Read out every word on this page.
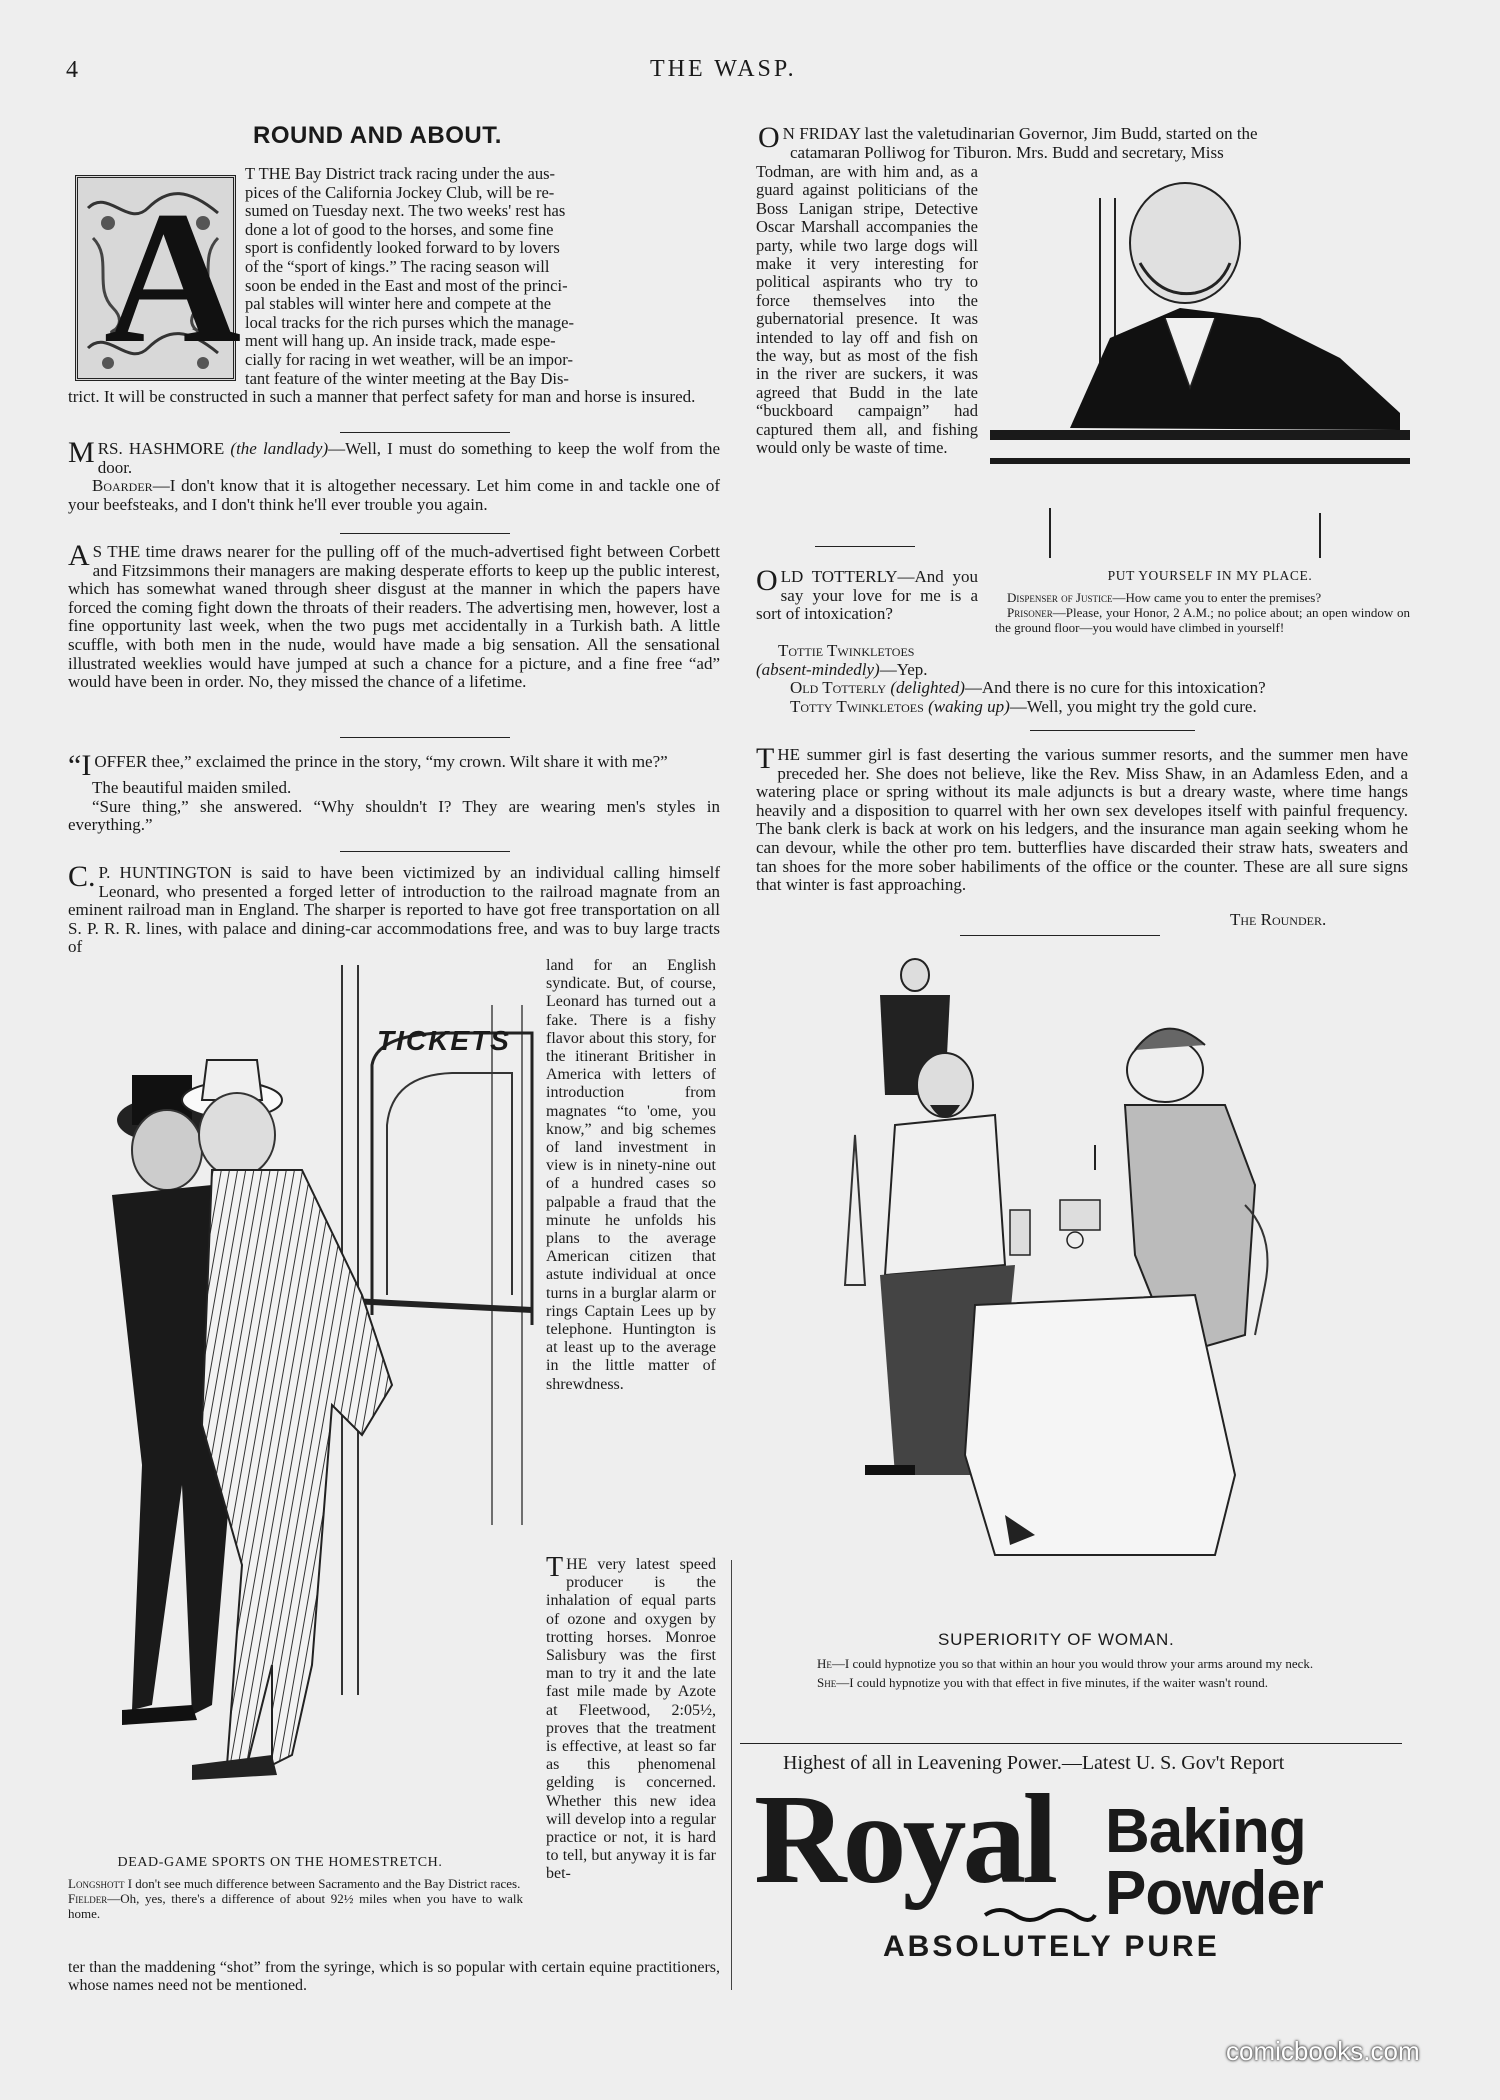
4	THE WASP.
ROUND AND ABOUT.
A T THE Bay District track racing under the aus-

pices of the California Jockey Club, will be re-

sumed on Tuesday next. The two weeks' rest has

done a lot of good to the horses, and some fine

sport is confidently looked forward to by lovers

of the “sport of kings.” The racing season will

soon be ended in the East and most of the princi-

pal stables will winter here and compete at the

local tracks for the rich purses which the manage-

ment will hang up. An inside track, made espe-

cially for racing in wet weather, will be an impor-

tant feature of the winter meeting at the Bay Dis-

trict. It will be constructed in such a manner that perfect safety for man and horse is insured.

MRS. HASHMORE (the landlady)—Well, I must do something to keep the wolf from the door.

Boarder—I don't know that it is altogether necessary. Let him come in and tackle one of your beefsteaks, and I don't think he'll ever trouble you again.

A S THE time draws nearer for the pulling off of the much-advertised fight between Corbett and Fitzsimmons their managers are making desperate efforts to keep up the public interest, which has somewhat waned through sheer disgust at the manner in which the papers have forced the coming fight down the throats of their readers. The advertising men, however, lost a fine opportunity last week, when the two pugs met accidentally in a Turkish bath. A little scuffle, with both men in the nude, would have made a big sensation. All the sensational illustrated weeklies would have jumped at such a chance for a picture, and a fine free “ad” would have been in order. No, they missed the chance of a lifetime.

“I OFFER thee,” exclaimed the prince in the story, “my crown. Wilt share it with me?”

The beautiful maiden smiled.

“Sure thing,” she answered. “Why shouldn't I? They are wearing men's styles in everything.”

C. P. HUNTINGTON is said to have been victimized by an individual calling himself Leonard, who presented a forged letter of introduction to the railroad magnate from an eminent railroad man in England. The sharper is reported to have got free transportation on all S. P. R. R. lines, with palace and dining-car accommodations free, and was to buy large tracts of

land for an English syndicate. But, of course, Leonard has turned out a fake. There is a fishy flavor about this story, for the itinerant Britisher in America with letters of introduction from magnates “to 'ome, you know,” and big schemes of land investment in view is in ninety-nine out of a hundred cases so palpable a fraud that the minute he unfolds his plans to the average American citizen that astute individual at once turns in a burglar alarm or rings Captain Lees up by telephone. Huntington is at least up to the average in the little matter of shrewdness.

TICKETS

THE very latest speed producer is the inhalation of equal parts of ozone and oxygen by trotting horses. Monroe Salisbury was the first man to try it and the late fast mile made by Azote at Fleetwood, 2:05½, proves that the treatment is effective, at least so far as this phenomenal gelding is concerned. Whether this new idea will develop into a regular practice or not, it is hard to tell, but anyway it is far bet-

ter than the maddening “shot” from the syringe, which is so popular with certain equine practitioners, whose names need not be mentioned.

DEAD-GAME SPORTS ON THE HOMESTRETCH.
Longshott I don't see much difference between Sacramento and the Bay District races.
Fielder—Oh, yes, there's a difference of about 92½ miles when you have to walk home.

O N FRIDAY last the valetudinarian Governor, Jim Budd, started on the

catamaran Polliwog for Tiburon. Mrs. Budd and secretary, Miss

Todman, are with him and, as a guard against politicians of the Boss Lanigan stripe, Detective Oscar Marshall accompanies the party, while two large dogs will make it very interesting for political aspirants who try to force themselves into the gubernatorial presence. It was intended to lay off and fish on the way, but as most of the fish in the river are suckers, it was agreed that Budd in the late “buckboard campaign” had captured them all, and fishing would only be waste of time.

PUT YOURSELF IN MY PLACE.
Dispenser of Justice—How came you to enter the premises?
Prisoner—Please, your Honor, 2 A.M.; no police about; an open window on the ground floor—you would have climbed in yourself!

OLD TOTTERLY—And you say your love for me is a sort of intoxication?

Tottie Twinkletoes
(absent-mindedly)—Yep.
Old Totterly (delighted)—And there is no cure for this intoxication?
Totty Twinkletoes (waking up)—Well, you might try the gold cure.

THE summer girl is fast deserting the various summer resorts, and the summer men have preceded her. She does not believe, like the Rev. Miss Shaw, in an Adamless Eden, and a watering place or spring without its male adjuncts is but a dreary waste, where time hangs heavily and a disposition to quarrel with her own sex developes itself with painful frequency. The bank clerk is back at work on his ledgers, and the insurance man again seeking whom he can devour, while the other pro tem. butterflies have discarded their straw hats, sweaters and tan shoes for the more sober habiliments of the office or the counter. These are all sure signs that winter is fast approaching.

The Rounder.
SUPERIORITY OF WOMAN.
He—I could hypnotize you so that within an hour you would throw your arms around my neck.
She—I could hypnotize you with that effect in five minutes, if the waiter wasn't round.
Highest of all in Leavening Power.—Latest U. S. Gov't Report
Royal Baking
Powder
ABSOLUTELY PURE
comicbooks.com
